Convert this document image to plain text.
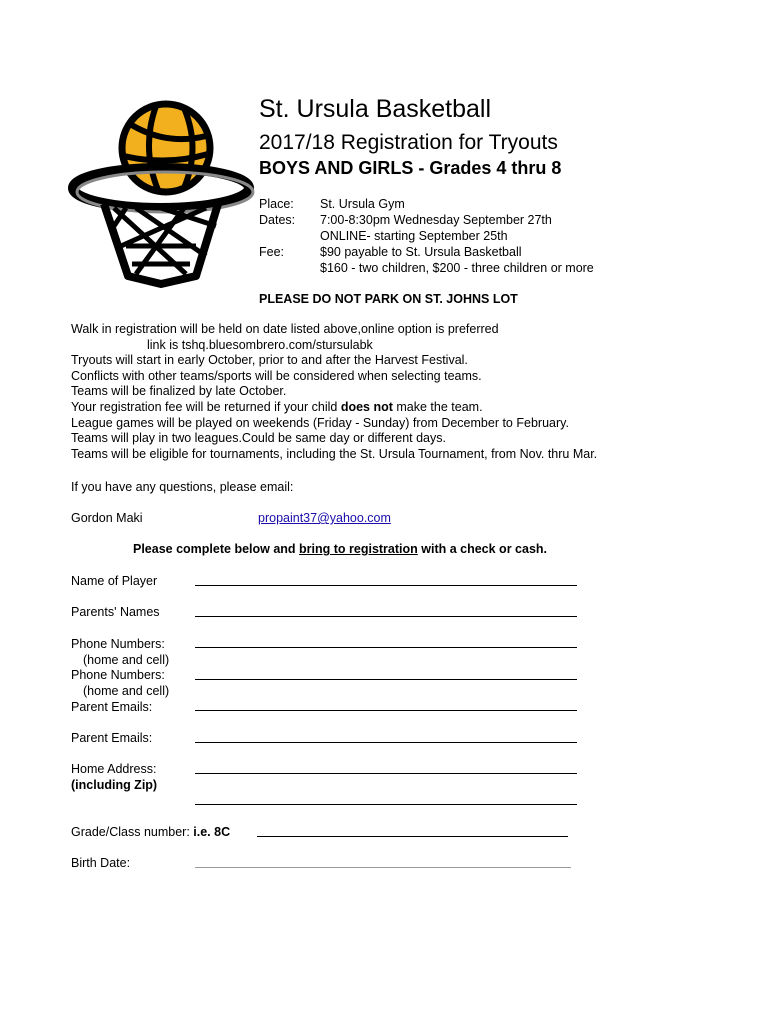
St. Ursula Basketball
2017/18 Registration for Tryouts
BOYS AND GIRLS - Grades 4 thru 8
Place: St. Ursula Gym
Dates: 7:00-8:30pm Wednesday September 27th
ONLINE- starting September 25th
Fee:	$90 payable to St. Ursula Basketball
$160 - two children, $200 - three children or more
PLEASE DO NOT PARK ON ST. JOHNS LOT
Walk in registration will be held on date listed above,online option is preferred
link is tshq.bluesombrero.com/stursulabk
Tryouts will start in early October, prior to and after the Harvest Festival.
Conflicts with other teams/sports will be considered when selecting teams.
Teams will be finalized by late October.
Your registration fee will be returned if your child does not make the team.
League games will be played on weekends (Friday - Sunday) from December to February.
Teams will play in two leagues.Could be same day or different days.
Teams will be eligible for tournaments, including the St. Ursula Tournament, from Nov. thru Mar.
If you have any questions, please email:
Gordon Maki	propaint37@yahoo.com
Please complete below and bring to registration with a check or cash.
Name of Player
Parents' Names
Phone Numbers:
(home and cell)
Phone Numbers:
(home and cell)
Parent Emails:
Parent Emails:
Home Address:
(including Zip)
Grade/Class number: i.e. 8C
Birth Date:
